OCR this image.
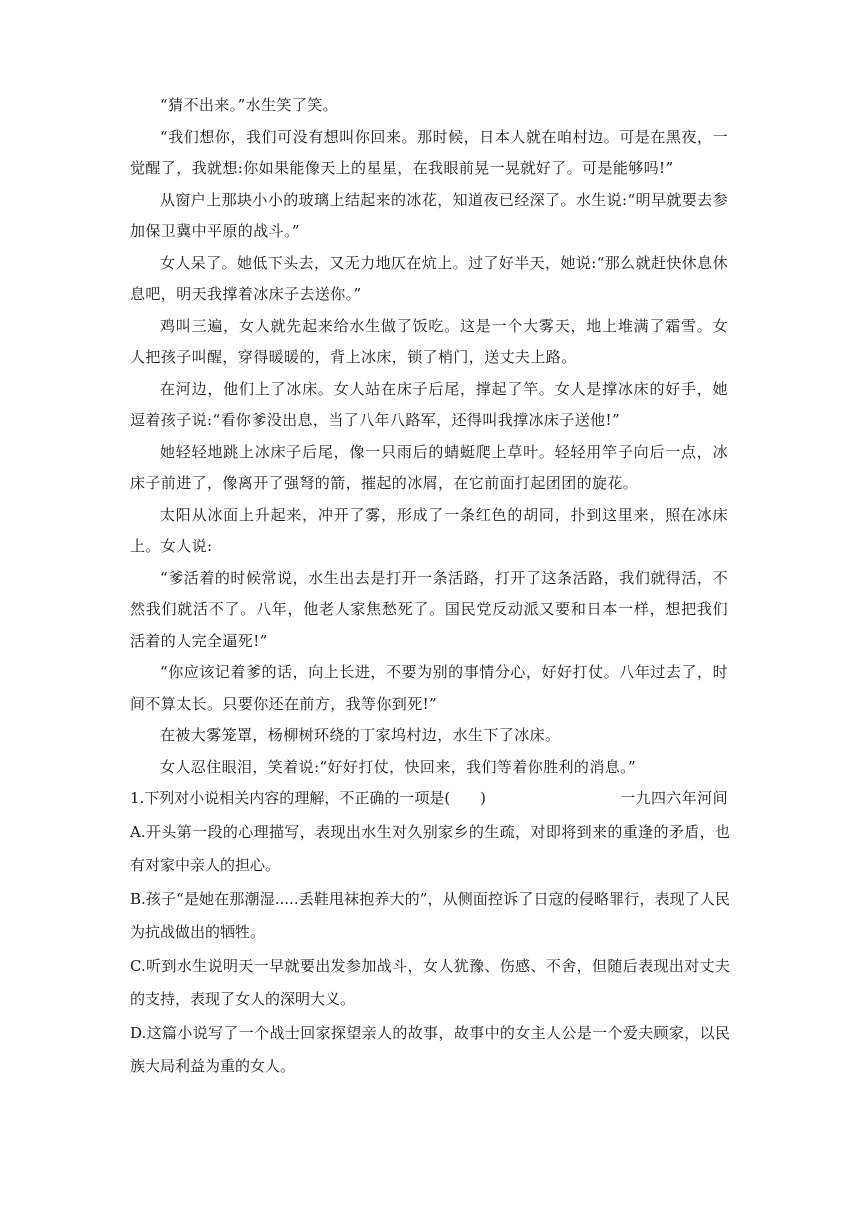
“猜不出来。”水生笑了笑。

“我们想你，我们可没有想叫你回来。那时候，日本人就在咱村边。可是在黑夜，一觉醒了，我就想:你如果能像天上的星星，在我眼前晃一晃就好了。可是能够吗!”

从窗户上那块小小的玻璃上结起来的冰花，知道夜已经深了。水生说:“明早就要去参加保卫冀中平原的战斗。”

女人呆了。她低下头去，又无力地仄在炕上。过了好半天，她说:“那么就赶快休息休息吧，明天我撑着冰床子去送你。”

鸡叫三遍，女人就先起来给水生做了饭吃。这是一个大雾天，地上堆满了霜雪。女人把孩子叫醒，穿得暖暖的，背上冰床，锁了梢门，送丈夫上路。

在河边，他们上了冰床。女人站在床子后尾，撑起了竿。女人是撑冰床的好手，她逗着孩子说:“看你爹没出息，当了八年八路军，还得叫我撑冰床子送他!”

她轻轻地跳上冰床子后尾，像一只雨后的蜻蜓爬上草叶。轻轻用竿子向后一点，冰床子前进了，像离开了强弩的箭，摧起的冰屑，在它前面打起团团的旋花。

太阳从冰面上升起来，冲开了雾，形成了一条红色的胡同，扑到这里来，照在冰床上。女人说:

“爹活着的时候常说，水生出去是打开一条活路，打开了这条活路，我们就得活，不然我们就活不了。八年，他老人家焦愁死了。国民党反动派又要和日本一样，想把我们活着的人完全逼死!”

“你应该记着爹的话，向上长进，不要为别的事情分心，好好打仗。八年过去了，时间不算太长。只要你还在前方，我等你到死!”

在被大雾笼罩，杨柳树环绕的丁家坞村边，水生下了冰床。

女人忍住眼泪，笑着说:“好好打仗，快回来，我们等着你胜利的消息。”

一九四六年河间

1.下列对小说相关内容的理解，不正确的一项是(　　)

A.开头第一段的心理描写，表现出水生对久别家乡的生疏，对即将到来的重逢的矛盾，也有对家中亲人的担心。

B.孩子“是她在那潮湿.....丢鞋甩袜抱养大的”，从侧面控诉了日寇的侵略罪行，表现了人民为抗战做出的牺牲。

C.听到水生说明天一早就要出发参加战斗，女人犹豫、伤感、不舍，但随后表现出对丈夫的支持，表现了女人的深明大义。

D.这篇小说写了一个战士回家探望亲人的故事，故事中的女主人公是一个爱夫顾家，以民族大局利益为重的女人。
